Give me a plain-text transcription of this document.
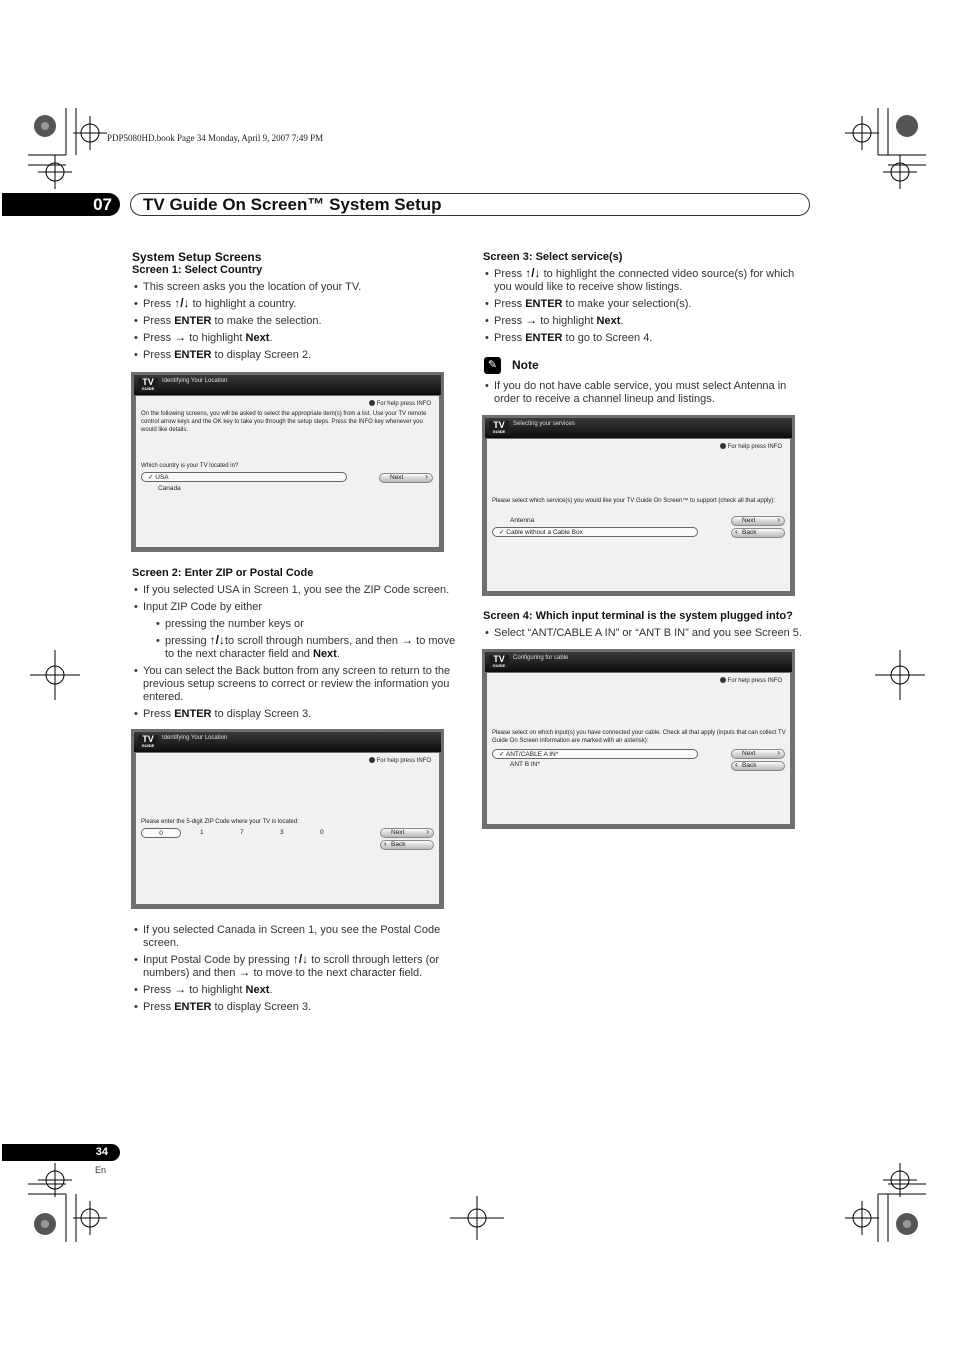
PDP5080HD.book Page 34 Monday, April 9, 2007 7:49 PM
07	TV Guide On Screen™ System Setup

System Setup Screens

Screen 1: Select Country

• This screen asks you the location of your TV.
• Press ↑/↓ to highlight a country.
• Press ENTER to make the selection.
• Press → to highlight Next.
• Press ENTER to display Screen 2.
TV
GUIDE
Identifying Your Location
For help press INFO
On the following screens, you will be asked to select the appropriate item(s) from a list. Use your TV remote control arrow keys and the OK key to take you through the setup steps. Press the INFO key whenever you would like details.
Which country is your TV located in?
✓ USA
Canada
Next ›

Screen 2: Enter ZIP or Postal Code

• If you selected USA in Screen 1, you see the ZIP Code screen.
• Input ZIP Code by either
• pressing the number keys or
• pressing ↑/↓to scroll through numbers, and then → to move to the next character field and Next.
• You can select the Back button from any screen to return to the previous setup screens to correct or review the information you entered.
• Press ENTER to display Screen 3.
TV
GUIDE
Identifying Your Location
For help press INFO
Please enter the 5-digit ZIP Code where your TV is located:
0	1	7	3	0	Next ›
‹ Back
• If you selected Canada in Screen 1, you see the Postal Code screen.
• Input Postal Code by pressing ↑/↓ to scroll through letters (or numbers) and then → to move to the next character field.
• Press → to highlight Next.
• Press ENTER to display Screen 3.

Screen 3: Select service(s)

• Press ↑/↓ to highlight the connected video source(s) for which you would like to receive show listings.
• Press ENTER to make your selection(s).
• Press → to highlight Next.
• Press ENTER to go to Screen 4.
✎	Note
• If you do not have cable service, you must select Antenna in order to receive a channel lineup and listings.
TV
GUIDE
Selecting your services
For help press INFO
Please select which service(s) you would like your TV Guide On Screen™ to support (check all that apply):
Antenna
✓ Cable without a Cable Box
Next ›
‹ Back

Screen 4: Which input terminal is the system plugged into?

• Select “ANT/CABLE A IN” or “ANT B IN” and you see Screen 5.
TV
GUIDE
Configuring for cable
For help press INFO
Please select on which input(s) you have connected your cable. Check all that apply (inputs that can collect TV Guide On Screen information are marked with an asterisk):
✓ ANT/CABLE A IN*
ANT B IN*
Next ›
‹ Back
34
En
